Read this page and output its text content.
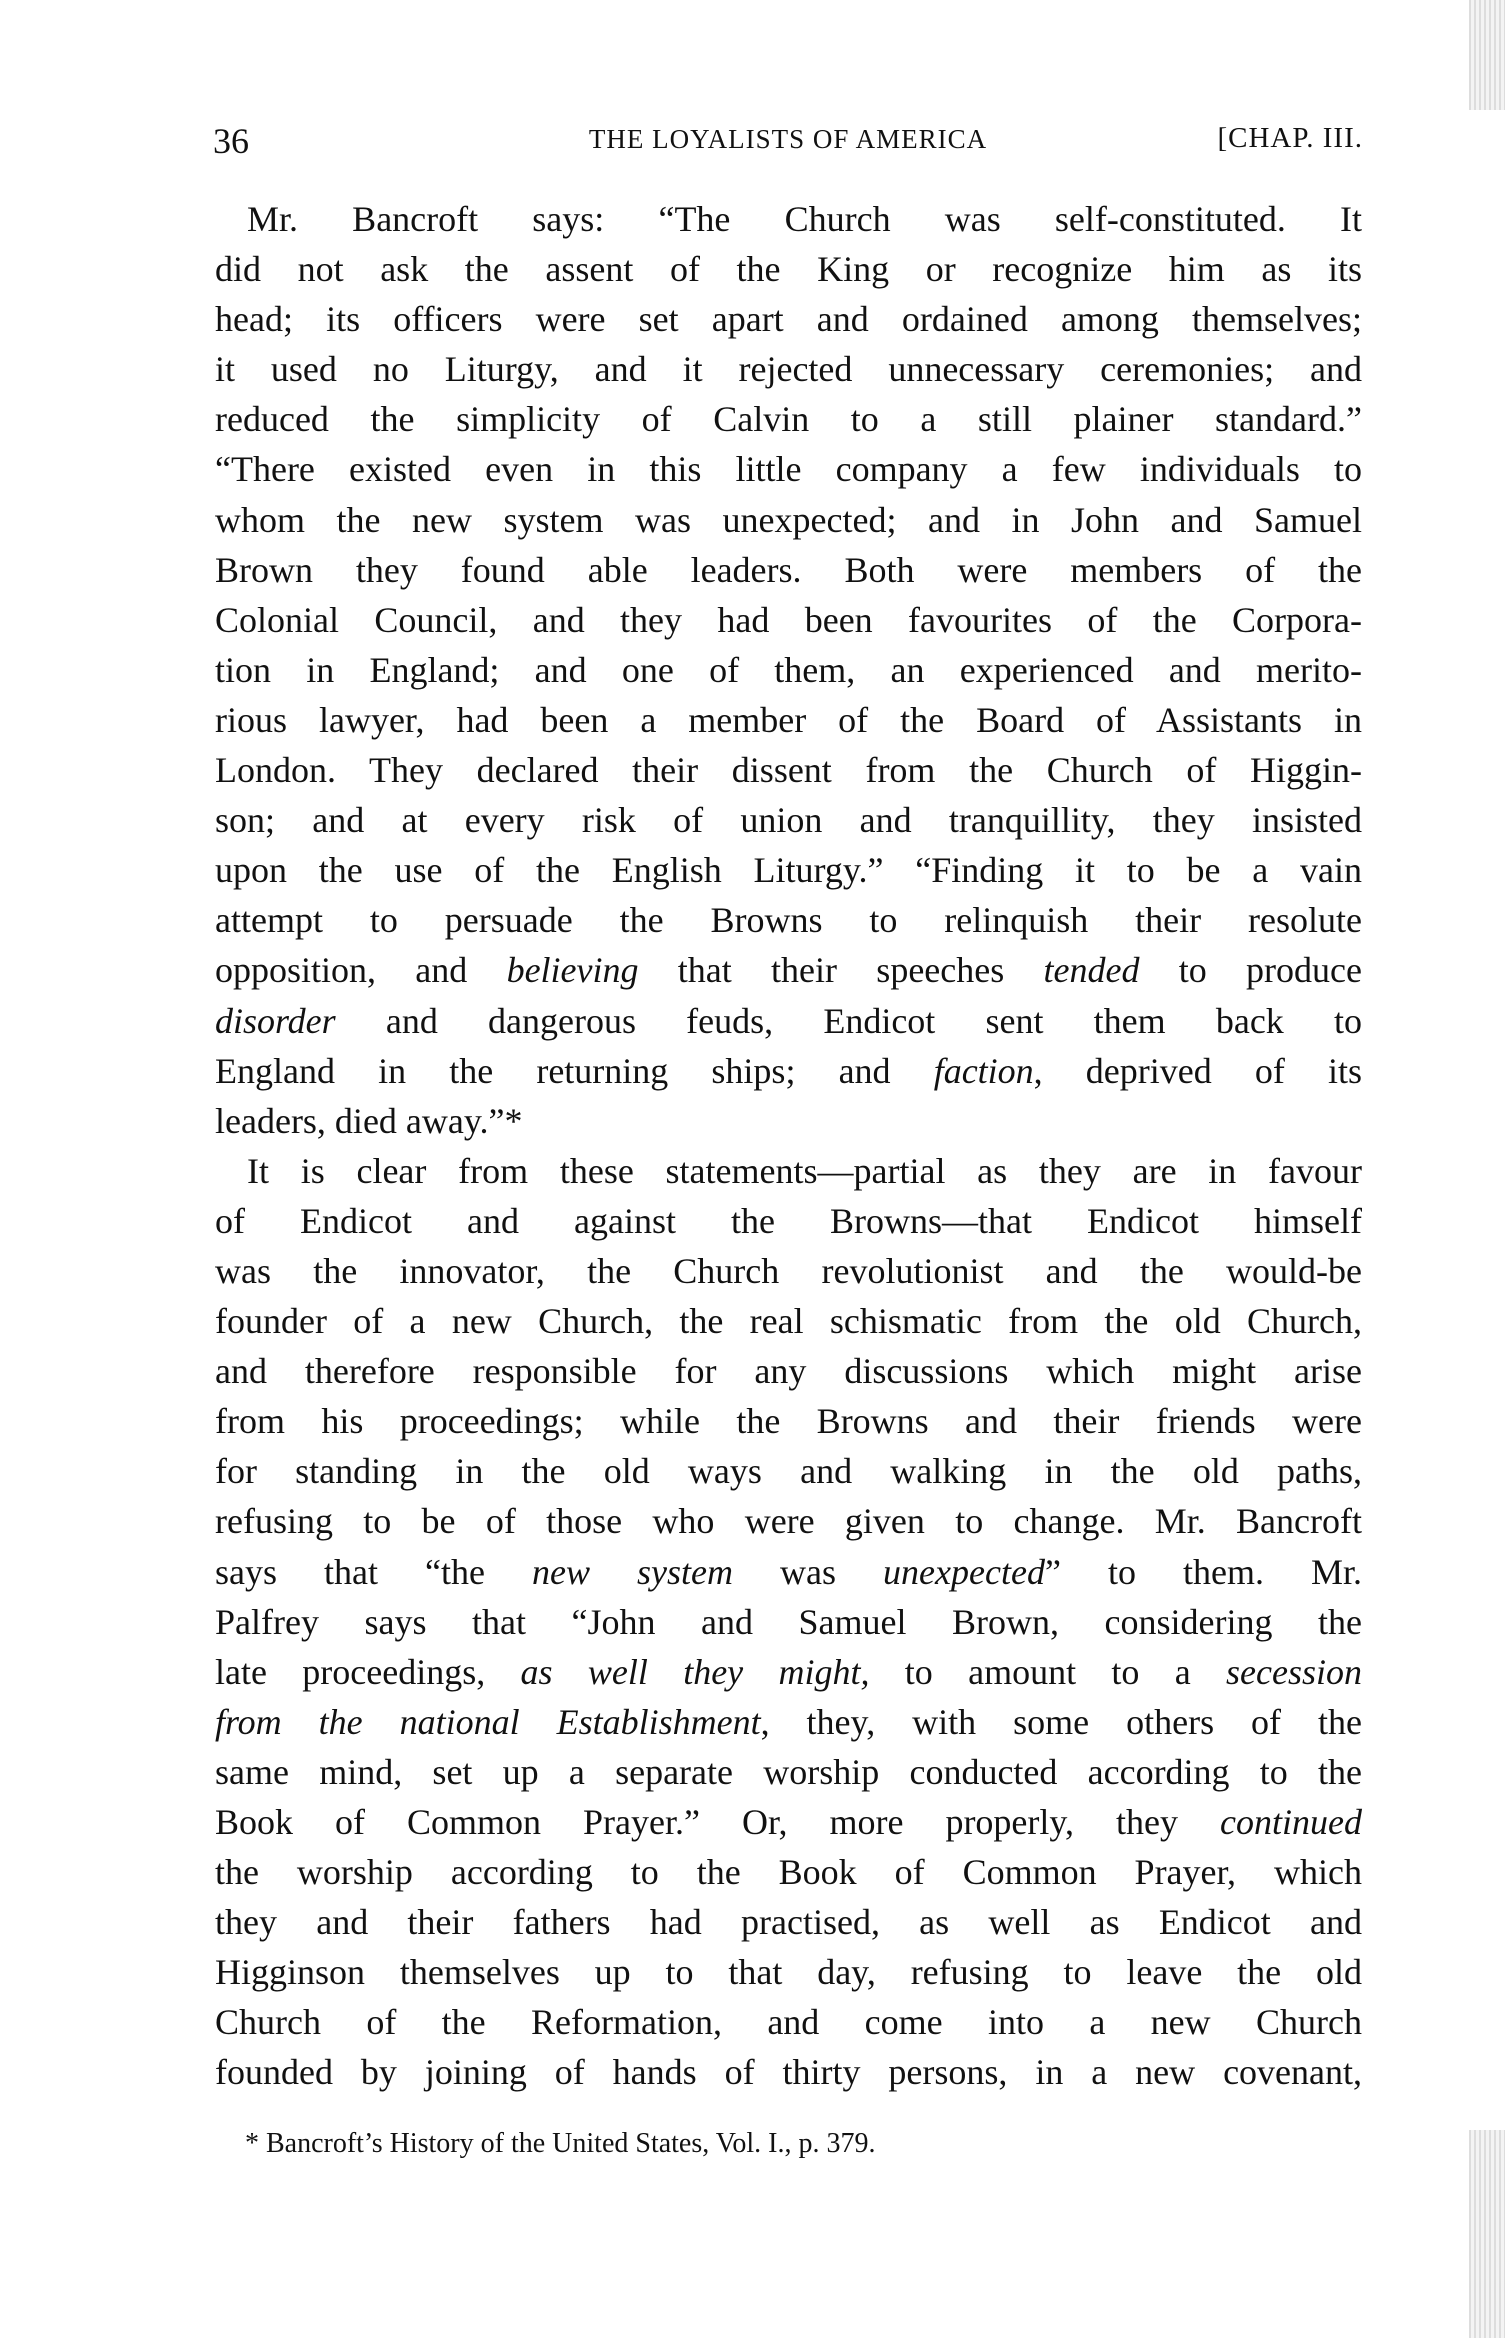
36	THE LOYALISTS OF AMERICA	[CHAP. III.
Mr. Bancroft says: “The Church was self-constituted. It
did not ask the assent of the King or recognize him as its
head; its officers were set apart and ordained among themselves;
it used no Liturgy, and it rejected unnecessary ceremonies; and
reduced the simplicity of Calvin to a still plainer standard.”
“There existed even in this little company a few individuals to
whom the new system was unexpected; and in John and Samuel
Brown they found able leaders. Both were members of the
Colonial Council, and they had been favourites of the Corpora-
tion in England; and one of them, an experienced and merito-
rious lawyer, had been a member of the Board of Assistants in
London. They declared their dissent from the Church of Higgin-
son; and at every risk of union and tranquillity, they insisted
upon the use of the English Liturgy.” “Finding it to be a vain
attempt to persuade the Browns to relinquish their resolute
opposition, and believing that their speeches tended to produce
disorder and dangerous feuds, Endicot sent them back to
England in the returning ships; and faction, deprived of its
leaders, died away.”*
It is clear from these statements—partial as they are in favour
of Endicot and against the Browns—that Endicot himself
was the innovator, the Church revolutionist and the would-be
founder of a new Church, the real schismatic from the old Church,
and therefore responsible for any discussions which might arise
from his proceedings; while the Browns and their friends were
for standing in the old ways and walking in the old paths,
refusing to be of those who were given to change. Mr. Bancroft
says that “the new system was unexpected” to them. Mr.
Palfrey says that “John and Samuel Brown, considering the
late proceedings, as well they might, to amount to a secession
from the national Establishment, they, with some others of the
same mind, set up a separate worship conducted according to the
Book of Common Prayer.” Or, more properly, they continued
the worship according to the Book of Common Prayer, which
they and their fathers had practised, as well as Endicot and
Higginson themselves up to that day, refusing to leave the old
Church of the Reformation, and come into a new Church
founded by joining of hands of thirty persons, in a new covenant,
* Bancroft’s History of the United States, Vol. I., p. 379.
